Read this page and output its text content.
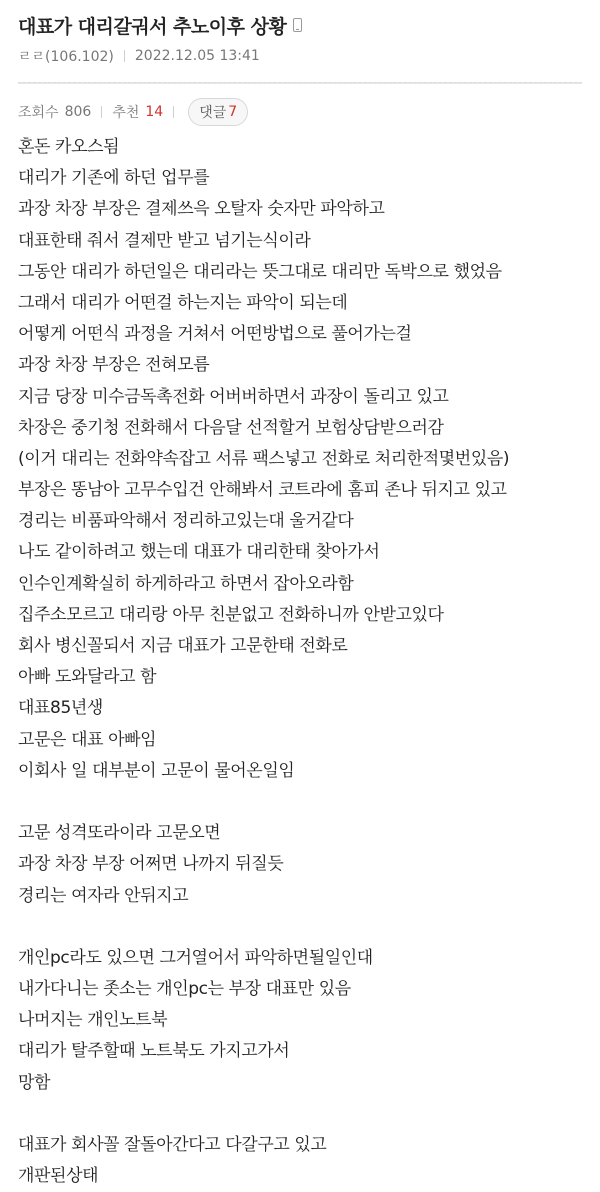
대표가 대리갈궈서 추노이후 상황
ㄹㄹ(106.102) 2022.12.05 13:41
조회수 806 추천 14	댓글 7
혼돈 카오스됨
대리가 기존에 하던 업무를
과장 차장 부장은 결제쓰윽 오탈자 숫자만 파악하고
대표한태 줘서 결제만 받고 넘기는식이라
그동안 대리가 하던일은 대리라는 뜻그대로 대리만 독박으로 했었음
그래서 대리가 어떤걸 하는지는 파악이 되는데
어떻게 어떤식 과정을 거쳐서 어떤방법으로 풀어가는걸
과장 차장 부장은 전혀모름
지금 당장 미수금독촉전화 어버버하면서 과장이 돌리고 있고
차장은 중기청 전화해서 다음달 선적할거 보험상담받으러감
(이거 대리는 전화약속잡고 서류 팩스넣고 전화로 처리한적몇번있음)
부장은 똥남아 고무수입건 안해봐서 코트라에 홈피 존나 뒤지고 있고
경리는 비품파악해서 정리하고있는대 울거같다
나도 같이하려고 했는데 대표가 대리한태 찾아가서
인수인계확실히 하게하라고 하면서 잡아오라함
집주소모르고 대리랑 아무 친분없고 전화하니까 안받고있다
회사 병신꼴되서 지금 대표가 고문한태 전화로
아빠 도와달라고 함
대표85년생
고문은 대표 아빠임
이회사 일 대부분이 고문이 물어온일임
고문 성격또라이라 고문오면
과장 차장 부장 어쩌면 나까지 뒤질듯
경리는 여자라 안뒤지고
개인pc라도 있으면 그거열어서 파악하면될일인대
내가다니는 좃소는 개인pc는 부장 대표만 있음
나머지는 개인노트북
대리가 탈주할때 노트북도 가지고가서
망함
대표가 회사꼴 잘돌아간다고 다갈구고 있고
개판된상태
